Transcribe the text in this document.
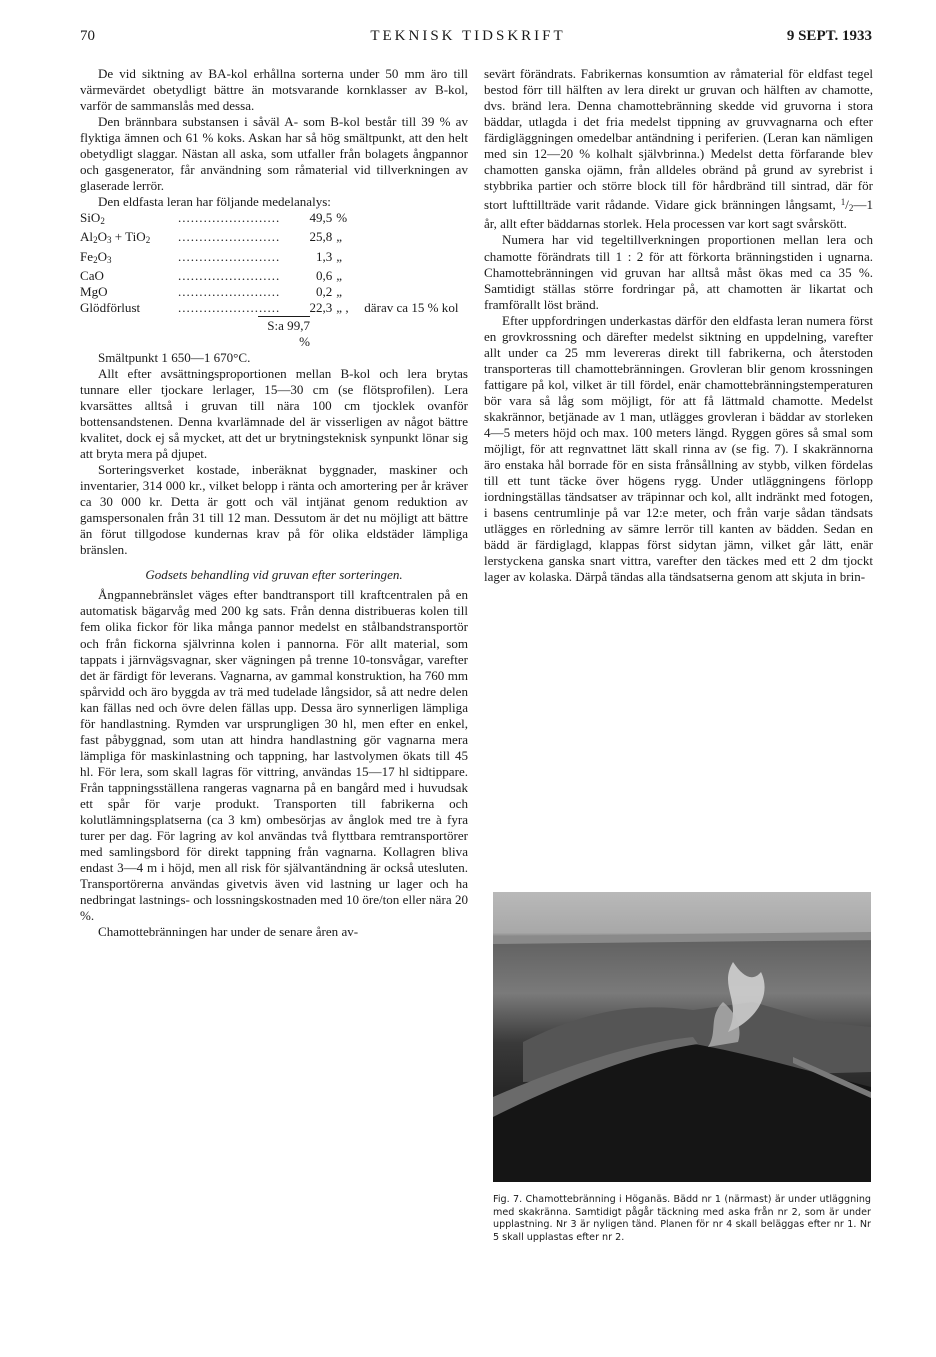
70	TEKNISK TIDSKRIFT	9 SEPT. 1933

De vid siktning av BA-kol erhållna sorterna under 50 mm äro till värmevärdet obetydligt bättre än motsvarande kornklasser av B-kol, varför de sammanslås med dessa.

Den brännbara substansen i såväl A- som B-kol består till 39 % av flyktiga ämnen och 61 % koks. Askan har så hög smältpunkt, att den helt obetydligt slaggar. Nästan all aska, som utfaller från bolagets ångpannor och gasgenerator, får användning som råmaterial vid tillverkningen av glaserade lerrör.

Den eldfasta leran har följande medelanalys:

SiO$_2$	........................	49,5	%	
$Al_2O_3 + TiO_2$	........................	25,8	„	
$Fe_2O_3$	........................	1,3	„	
CaO	........................	0,6	„	
MgO	........................	0,2	„	
Glödförlust	........................	22,3	„ ,	därav ca 15 % kol
S:a 99,7 %

Smältpunkt 1 650—1 670°C.

Allt efter avsättningsproportionen mellan B-kol och lera brytas tunnare eller tjockare lerlager, 15—30 cm (se flötsprofilen). Lera kvarsättes alltså i gruvan till nära 100 cm tjocklek ovanför bottensandstenen. Denna kvarlämnade del är visserligen av något bättre kvalitet, dock ej så mycket, att det ur brytningsteknisk synpunkt lönar sig att bryta mera på djupet.

Sorteringsverket kostade, inberäknat byggnader, maskiner och inventarier, 314 000 kr., vilket belopp i ränta och amortering per år kräver ca 30 000 kr. Detta är gott och väl intjänat genom reduktion av gamspersonalen från 31 till 12 man. Dessutom är det nu möjligt att bättre än förut tillgodose kundernas krav på för olika eldstäder lämpliga bränslen.

Godsets behandling vid gruvan efter sorteringen.

Ångpannebränslet väges efter bandtransport till kraftcentralen på en automatisk bägarvåg med 200 kg sats. Från denna distribueras kolen till fem olika fickor för lika många pannor medelst en stålbandstransportör och från fickorna självrinna kolen i pannorna. För allt material, som tappats i järnvägsvagnar, sker vägningen på trenne 10-tonsvågar, varefter det är färdigt för leverans. Vagnarna, av gammal konstruktion, ha 760 mm spårvidd och äro byggda av trä med tudelade långsidor, så att nedre delen kan fällas ned och övre delen fällas upp. Dessa äro synnerligen lämpliga för handlastning. Rymden var ursprungligen 30 hl, men efter en enkel, fast påbyggnad, som utan att hindra handlastning gör vagnarna mera lämpliga för maskinlastning och tappning, har lastvolymen ökats till 45 hl. För lera, som skall lagras för vittring, användas 15—17 hl sidtippare. Från tappningsställena rangeras vagnarna på en bangård med i huvudsak ett spår för varje produkt. Transporten till fabrikerna och kolutlämningsplatserna (ca 3 km) ombesörjas av ånglok med tre à fyra turer per dag. För lagring av kol användas två flyttbara remtransportörer med samlingsbord för direkt tappning från vagnarna. Kollagren bliva endast 3—4 m i höjd, men all risk för självantändning är också utesluten. Transportörerna användas givetvis även vid lastning ur lager och ha nedbringat lastnings- och lossningskostnaden med 10 öre/ton eller nära 20 %.

Chamottebränningen har under de senare åren av-

sevärt förändrats. Fabrikernas konsumtion av råmaterial för eldfast tegel bestod förr till hälften av lera direkt ur gruvan och hälften av chamotte, dvs. bränd lera. Denna chamottebränning skedde vid gruvorna i stora bäddar, utlagda i det fria medelst tippning av gruvvagnarna och efter färdigläggningen omedelbar antändning i periferien. (Leran kan nämligen med sin 12—20 % kolhalt självbrinna.) Medelst detta förfarande blev chamotten ganska ojämn, från alldeles obränd på grund av syrebrist i stybbrika partier och större block till för hårdbränd till sintrad, där för stort lufttillträde varit rådande. Vidare gick bränningen långsamt, $^1/_2—1$ år, allt efter bäddarnas storlek. Hela processen var kort sagt svårskött.

Numera har vid tegeltillverkningen proportionen mellan lera och chamotte förändrats till 1 : 2 för att förkorta bränningstiden i ugnarna. Chamottebränningen vid gruvan har alltså måst ökas med ca 35 %. Samtidigt ställas större fordringar på, att chamotten är likartat och framförallt löst bränd.

Efter uppfordringen underkastas därför den eldfasta leran numera först en grovkrossning och därefter medelst siktning en uppdelning, varefter allt under ca 25 mm levereras direkt till fabrikerna, och återstoden transporteras till chamottebränningen. Grovleran blir genom krossningen fattigare på kol, vilket är till fördel, enär chamottebränningstemperaturen bör vara så låg som möjligt, för att få lättmald chamotte. Medelst skakrännor, betjänade av 1 man, utlägges grovleran i bäddar av storleken 4—5 meters höjd och max. 100 meters längd. Ryggen göres så smal som möjligt, för att regnvattnet lätt skall rinna av (se fig. 7). I skakrännorna äro enstaka hål borrade för en sista frånsållning av stybb, vilken fördelas till ett tunt täcke över högens rygg. Under utläggningens förlopp iordningställas tändsatser av träpinnar och kol, allt indränkt med fotogen, i basens centrumlinje på var 12:e meter, och från varje sådan tändsats utlägges en rörledning av sämre lerrör till kanten av bädden. Sedan en bädd är färdiglagd, klappas först sidytan jämn, vilket går lätt, enär lerstyckena ganska snart vittra, varefter den täckes med ett 2 dm tjockt lager av kolaska. Därpå tändas alla tändsatserna genom att skjuta in brin-

Fig. 7. Chamottebränning i Höganäs. Bädd nr 1 (närmast) är under utläggning med skakränna. Samtidigt pågår täckning med aska från nr 2, som är under upplastning. Nr 3 är nyligen tänd. Planen för nr 4 skall beläggas efter nr 1. Nr 5 skall upplastas efter nr 2.
